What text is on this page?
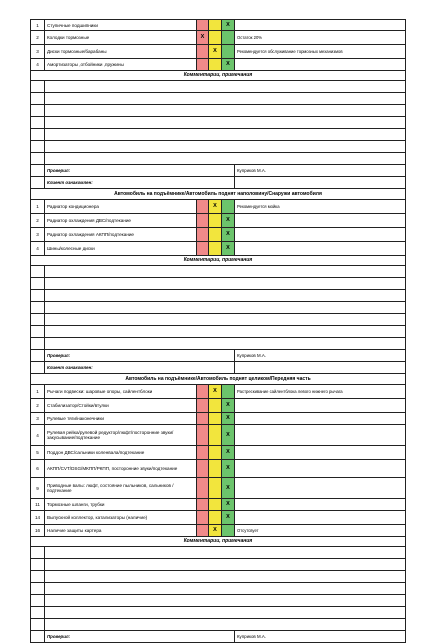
1	Ступичные подшипники			X	
2	Колодки тормозные	X			Остаток 20%
3	Диски тормозные/барабаны		X		Рекомендуется обслуживание тормозных механизмов
4	Амортизаторы ,отбойники ,пружины			X	
Комментарии, примечания					

	Проверил:				Куприков М.А.
	Клиент ознакомлен:				
Автомобиль на подъёмнике/Автомобиль поднят наполовину/Снаружи автомобиля					
1	Радиатор кондиционера		X		Рекомендуется мойка
2	Радиатор охлаждения ДВС/подтекание			X	
3	Радиатор охлаждения АКПП/подтекание			X	
4	Шины/колесные диски			X	
Комментарии, примечания					

	Проверил:				Куприков М.А.
	Клиент ознакомлен:				
Автомобиль на подъёмнике/Автомобиль поднят целиком/Передняя часть					
1	Рычаги подвески: шаровые опоры, сайлентблоки		X		Растрескивание сайлентблока левого нижнего рычага
2	Стабилизатор/Стойки/втулки			X	
3	Рулевые тяги/наконечники			X	
4	Рулевая рейка/рулевой редуктор/люфт/посторонние звуки/закусывание/подтекание			X	
5	Поддон ДВС/сальники коленвала/подтекание			X	
6	АКПП/CVT/DSG/МКПП/РКПП, посторонние звуки/подтекание			X	
9	Приводные валы: люфт, состояние пыльников, сальников / подтекание			X	
11	Тормозные шланги, трубки			X	
14	Выпускной коллектор, катализаторы (наличие)			X	
16	Наличие защиты картера		X		Отсутсвует
Комментарии, примечания					

	Проверил:				Куприков М.А.
